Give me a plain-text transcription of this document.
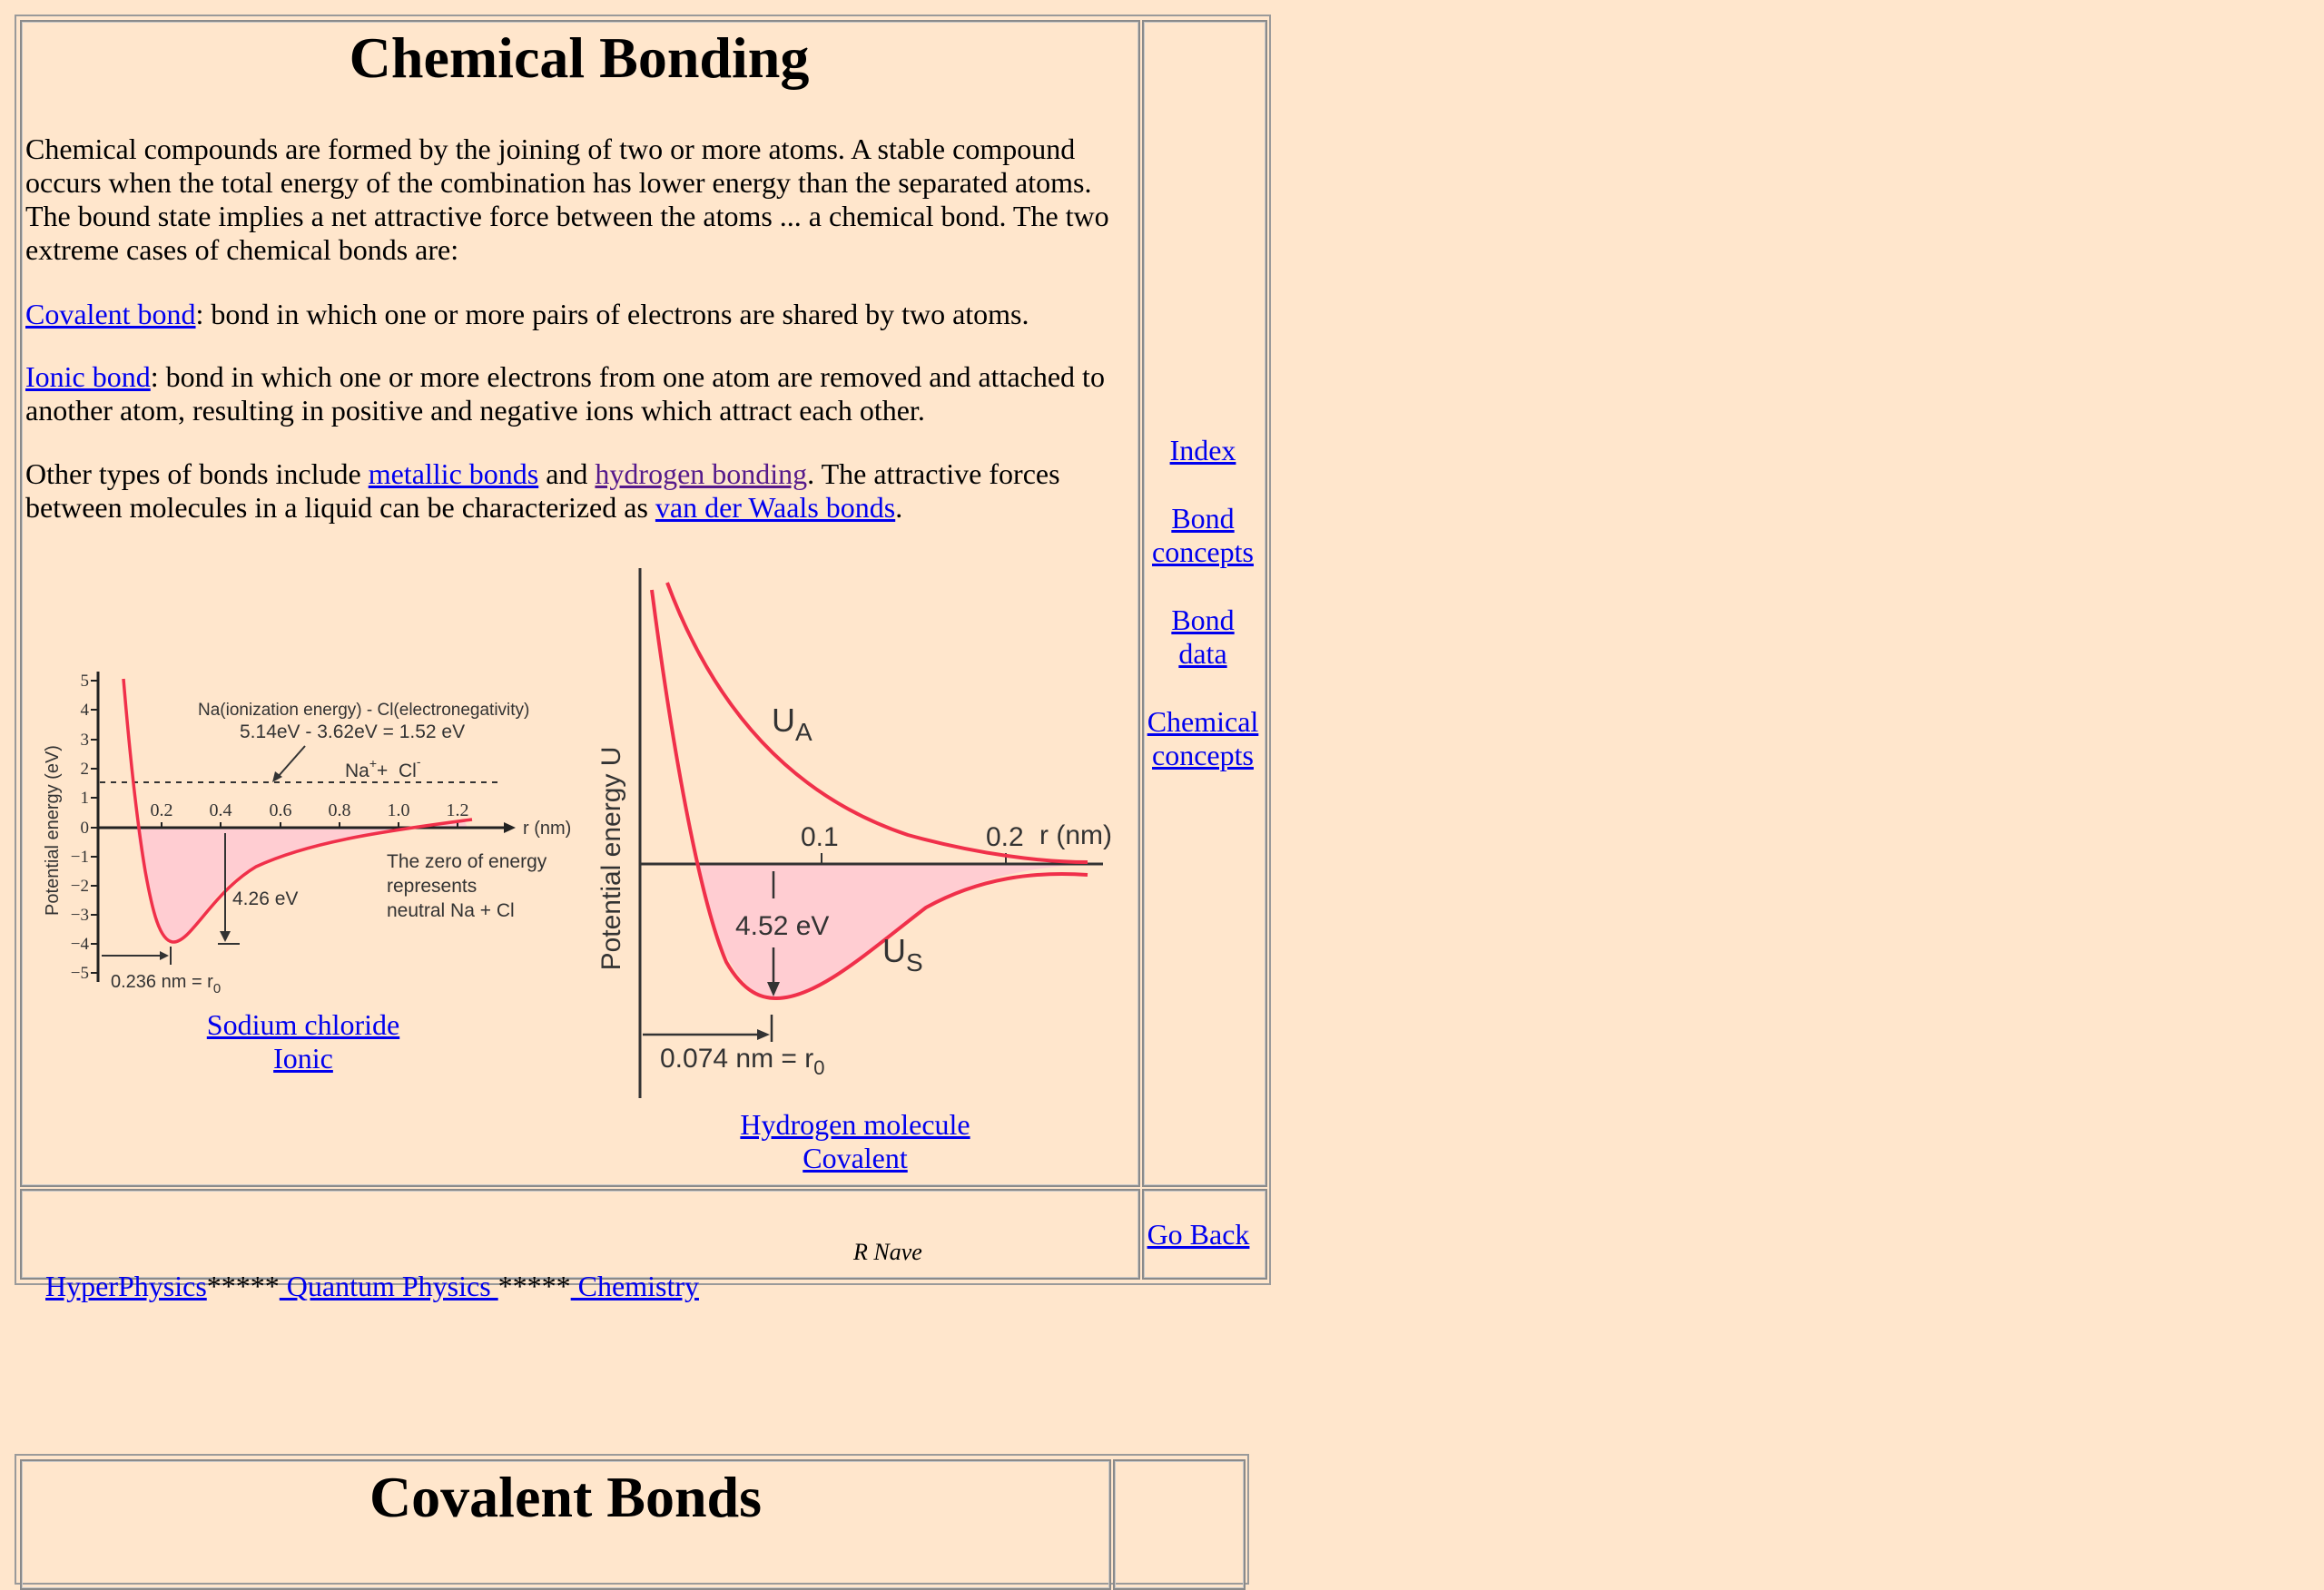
Chemical Bonding
Chemical compounds are formed by the joining of two or more atoms. A stable compound occurs when the total energy of the combination has lower energy than the separated atoms. The bound state implies a net attractive force between the atoms ... a chemical bond. The two extreme cases of chemical bonds are:
Covalent bond: bond in which one or more pairs of electrons are shared by two atoms.
Ionic bond: bond in which one or more electrons from one atom are removed and attached to another atom, resulting in positive and negative ions which attract each other.
Other types of bonds include metallic bonds and hydrogen bonding. The attractive forces between molecules in a liquid can be characterized as van der Waals bonds.
5
4
3
2
1
0
−1
−2
−3
−4
−5
0.2 0.4 0.6 0.8 1.0 1.2
r (nm)
Potential energy (eV)
Na(ionization energy) - Cl(electronegativity)
5.14eV - 3.62eV = 1.52 eV
Na++  Cl-
4.26 eV
The zero of energy
represents
neutral Na + Cl
0.236 nm = $r_0$
Sodium chloride
Ionic
0.1	0.2 r (nm)
Potential energy U
$U_A$
$U_S$
4.52 eV
0.074 nm = $r_0$
Hydrogen molecule
Covalent
Index
Bond
concepts
Bond
data
Chemical
concepts

HyperPhysics***** Quantum Physics ***** Chemistry

R Nave
Go Back
Covalent Bonds
